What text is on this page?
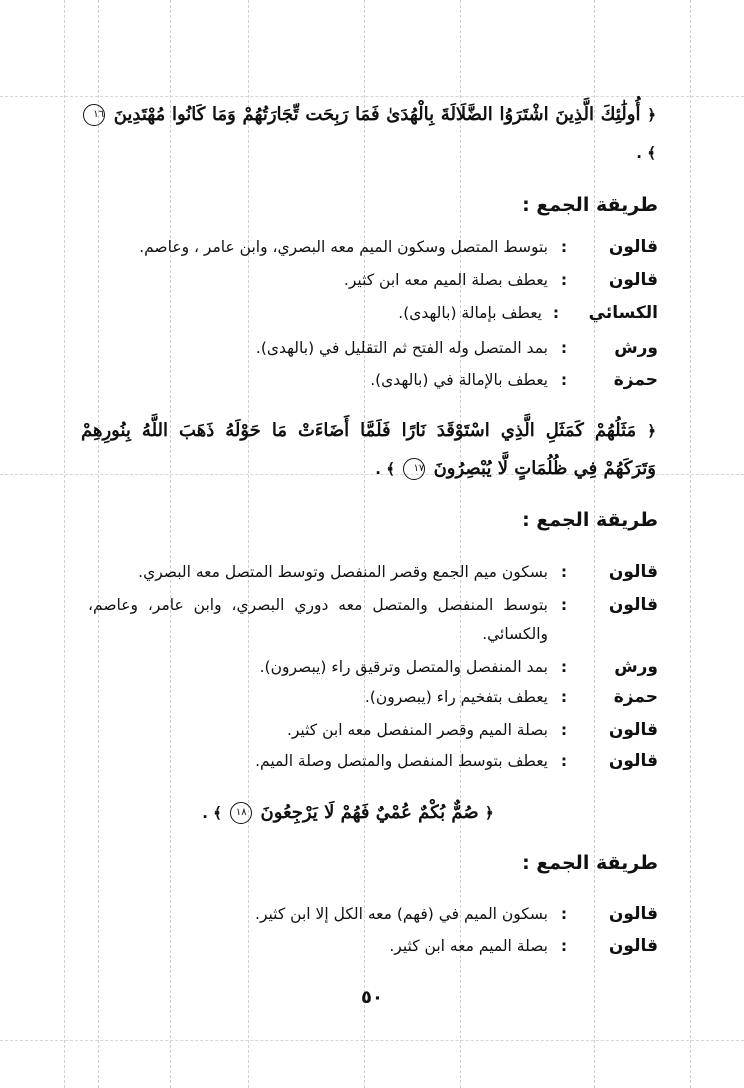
﴿ أُولَٰئِكَ الَّذِينَ اشْتَرَوُا الضَّلَالَةَ بِالْهُدَىٰ فَمَا رَبِحَت تِّجَارَتُهُمْ وَمَا كَانُوا مُهْتَدِينَ ١٦ ﴾ .
طريقة الجمع :
قالون
:
بتوسط المتصل وسكون الميم معه البصري، وابن عامر ، وعاصم.
قالون
:
يعطف بصلة الميم معه ابن كثير.
الكسائي
:
يعطف بإمالة (بالهدى).
ورش
:
بمد المتصل وله الفتح ثم التقليل في (بالهدى).
حمزة
:
يعطف بالإمالة في (بالهدى).
﴿ مَثَلُهُمْ كَمَثَلِ الَّذِي اسْتَوْقَدَ نَارًا فَلَمَّا أَضَاءَتْ مَا حَوْلَهُ ذَهَبَ اللَّهُ بِنُورِهِمْ وَتَرَكَهُمْ فِي ظُلُمَاتٍ لَّا يُبْصِرُونَ ١٧ ﴾ .
طريقة الجمع :
قالون
:
بسكون ميم الجمع وقصر المنفصل وتوسط المتصل معه البصري.
قالون
:
بتوسط المنفصل والمتصل معه دوري البصري، وابن عامر، وعاصم، والكسائي.
ورش
:
بمد المنفصل والمتصل وترقيق راء (يبصرون).
حمزة
:
يعطف بتفخيم راء (يبصرون).
قالون
:
بصلة الميم وقصر المنفصل معه ابن كثير.
قالون
:
يعطف بتوسط المنفصل والمتصل وصلة الميم.
﴿ صُمٌّ بُكْمٌ عُمْيٌ فَهُمْ لَا يَرْجِعُونَ ١٨ ﴾ .
طريقة الجمع :
قالون
:
بسكون الميم في (فهم) معه الكل إلا ابن كثير.
قالون
:
بصلة الميم معه ابن كثير.
٥٠
